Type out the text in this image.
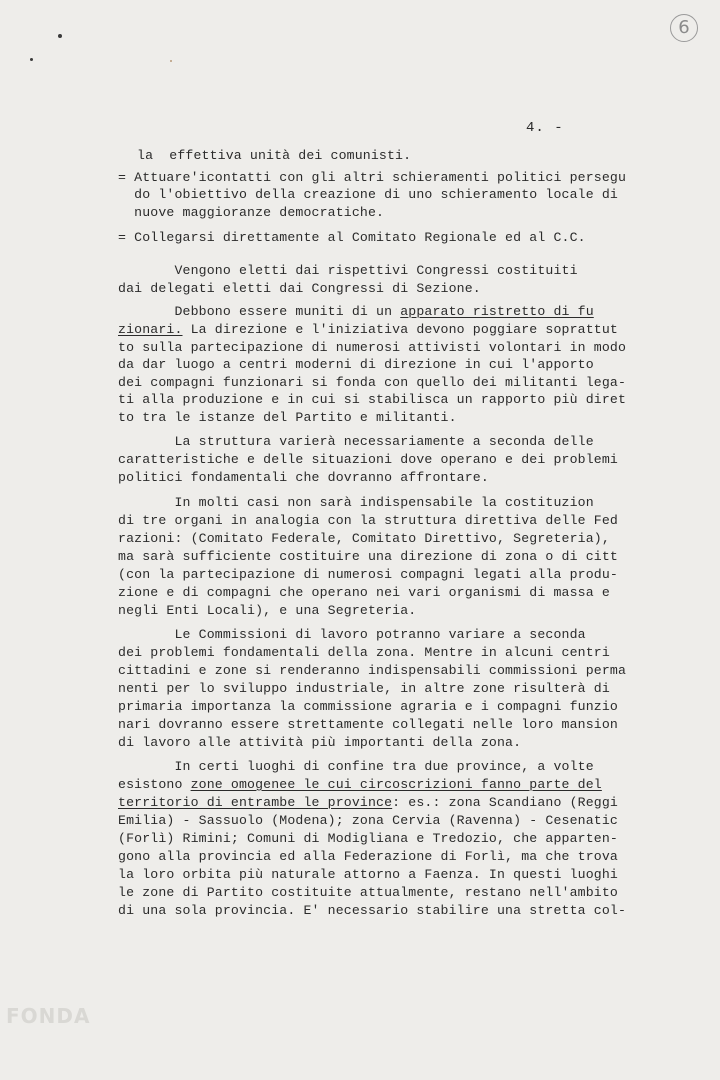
6
4. -
la  effettiva unità dei comunisti.
= Attuare'icontatti con gli altri schieramenti politici persegu
do l'obiettivo della creazione di uno schieramento locale di
nuove maggioranze democratiche.
= Collegarsi direttamente al Comitato Regionale ed al C.C.
Vengono eletti dai rispettivi Congressi costituiti
dai delegati eletti dai Congressi di Sezione.
Debbono essere muniti di un apparato ristretto di fu
zionari. La direzione e l'iniziativa devono poggiare soprattut
to sulla partecipazione di numerosi attivisti volontari in modo
da dar luogo a centri moderni di direzione in cui l'apporto
dei compagni funzionari si fonda con quello dei militanti lega-
ti alla produzione e in cui si stabilisca un rapporto più diret
to tra le istanze del Partito e militanti.
La struttura varierà necessariamente a seconda delle
caratteristiche e delle situazioni dove operano e dei problemi
politici fondamentali che dovranno affrontare.
In molti casi non sarà indispensabile la costituzion
di tre organi in analogia con la struttura direttiva delle Fed
razioni: (Comitato Federale, Comitato Direttivo, Segreteria),
ma sarà sufficiente costituire una direzione di zona o di citt
(con la partecipazione di numerosi compagni legati alla produ-
zione e di compagni che operano nei vari organismi di massa e
negli Enti Locali), e una Segreteria.
Le Commissioni di lavoro potranno variare a seconda
dei problemi fondamentali della zona. Mentre in alcuni centri
cittadini e zone si renderanno indispensabili commissioni perma
nenti per lo sviluppo industriale, in altre zone risulterà di
primaria importanza la commissione agraria e i compagni funzio
nari dovranno essere strettamente collegati nelle loro mansion
di lavoro alle attività più importanti della zona.
In certi luoghi di confine tra due province, a volte
esistono zone omogenee le cui circoscrizioni fanno parte del
territorio di entrambe le province: es.: zona Scandiano (Reggi
Emilia) - Sassuolo (Modena); zona Cervia (Ravenna) - Cesenatic
(Forlì) Rimini; Comuni di Modigliana e Tredozio, che apparten-
gono alla provincia ed alla Federazione di Forlì, ma che trova
la loro orbita più naturale attorno a Faenza. In questi luoghi
le zone di Partito costituite attualmente, restano nell'ambito
di una sola provincia. E' necessario stabilire una stretta col-
FONDA
